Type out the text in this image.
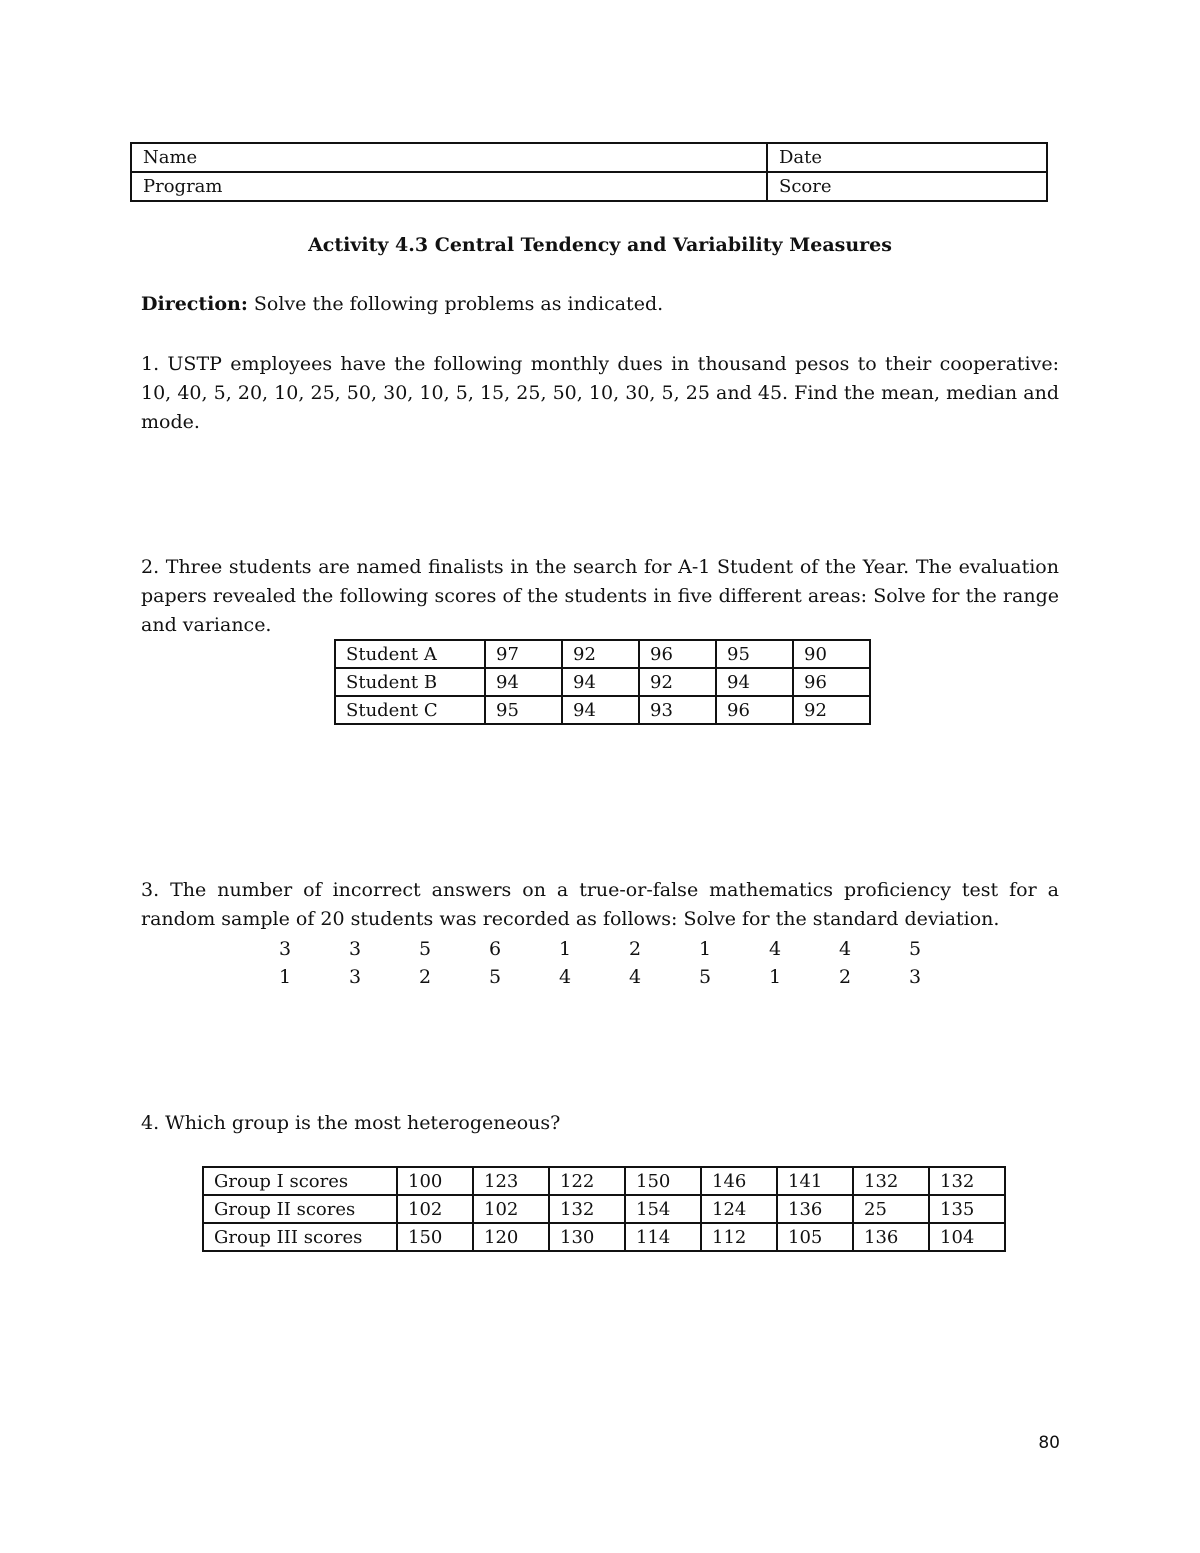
Name	Date
Program	Score
Activity 4.3 Central Tendency and Variability Measures
Direction: Solve the following problems as indicated.
1. USTP employees have the following monthly dues in thousand pesos to their cooperative: 10, 40, 5, 20, 10, 25, 50, 30, 10, 5, 15, 25, 50, 10, 30, 5, 25 and 45. Find the mean, median and mode.
2. Three students are named finalists in the search for A-1 Student of the Year. The evaluation papers revealed the following scores of the students in five different areas: Solve for the range and variance.
Student A	97	92	96	95	90
Student B	94	94	92	94	96
Student C	95	94	93	96	92
3. The number of incorrect answers on a true-or-false mathematics proficiency test for a random sample of 20 students was recorded as follows: Solve for the standard deviation.
3	3	5	6	1	2	1	4	4	5
1	3	2	5	4	4	5	1	2	3
4. Which group is the most heterogeneous?
Group I scores	100	123	122	150	146	141	132	132
Group II scores	102	102	132	154	124	136	25	135
Group III scores	150	120	130	114	112	105	136	104
80
